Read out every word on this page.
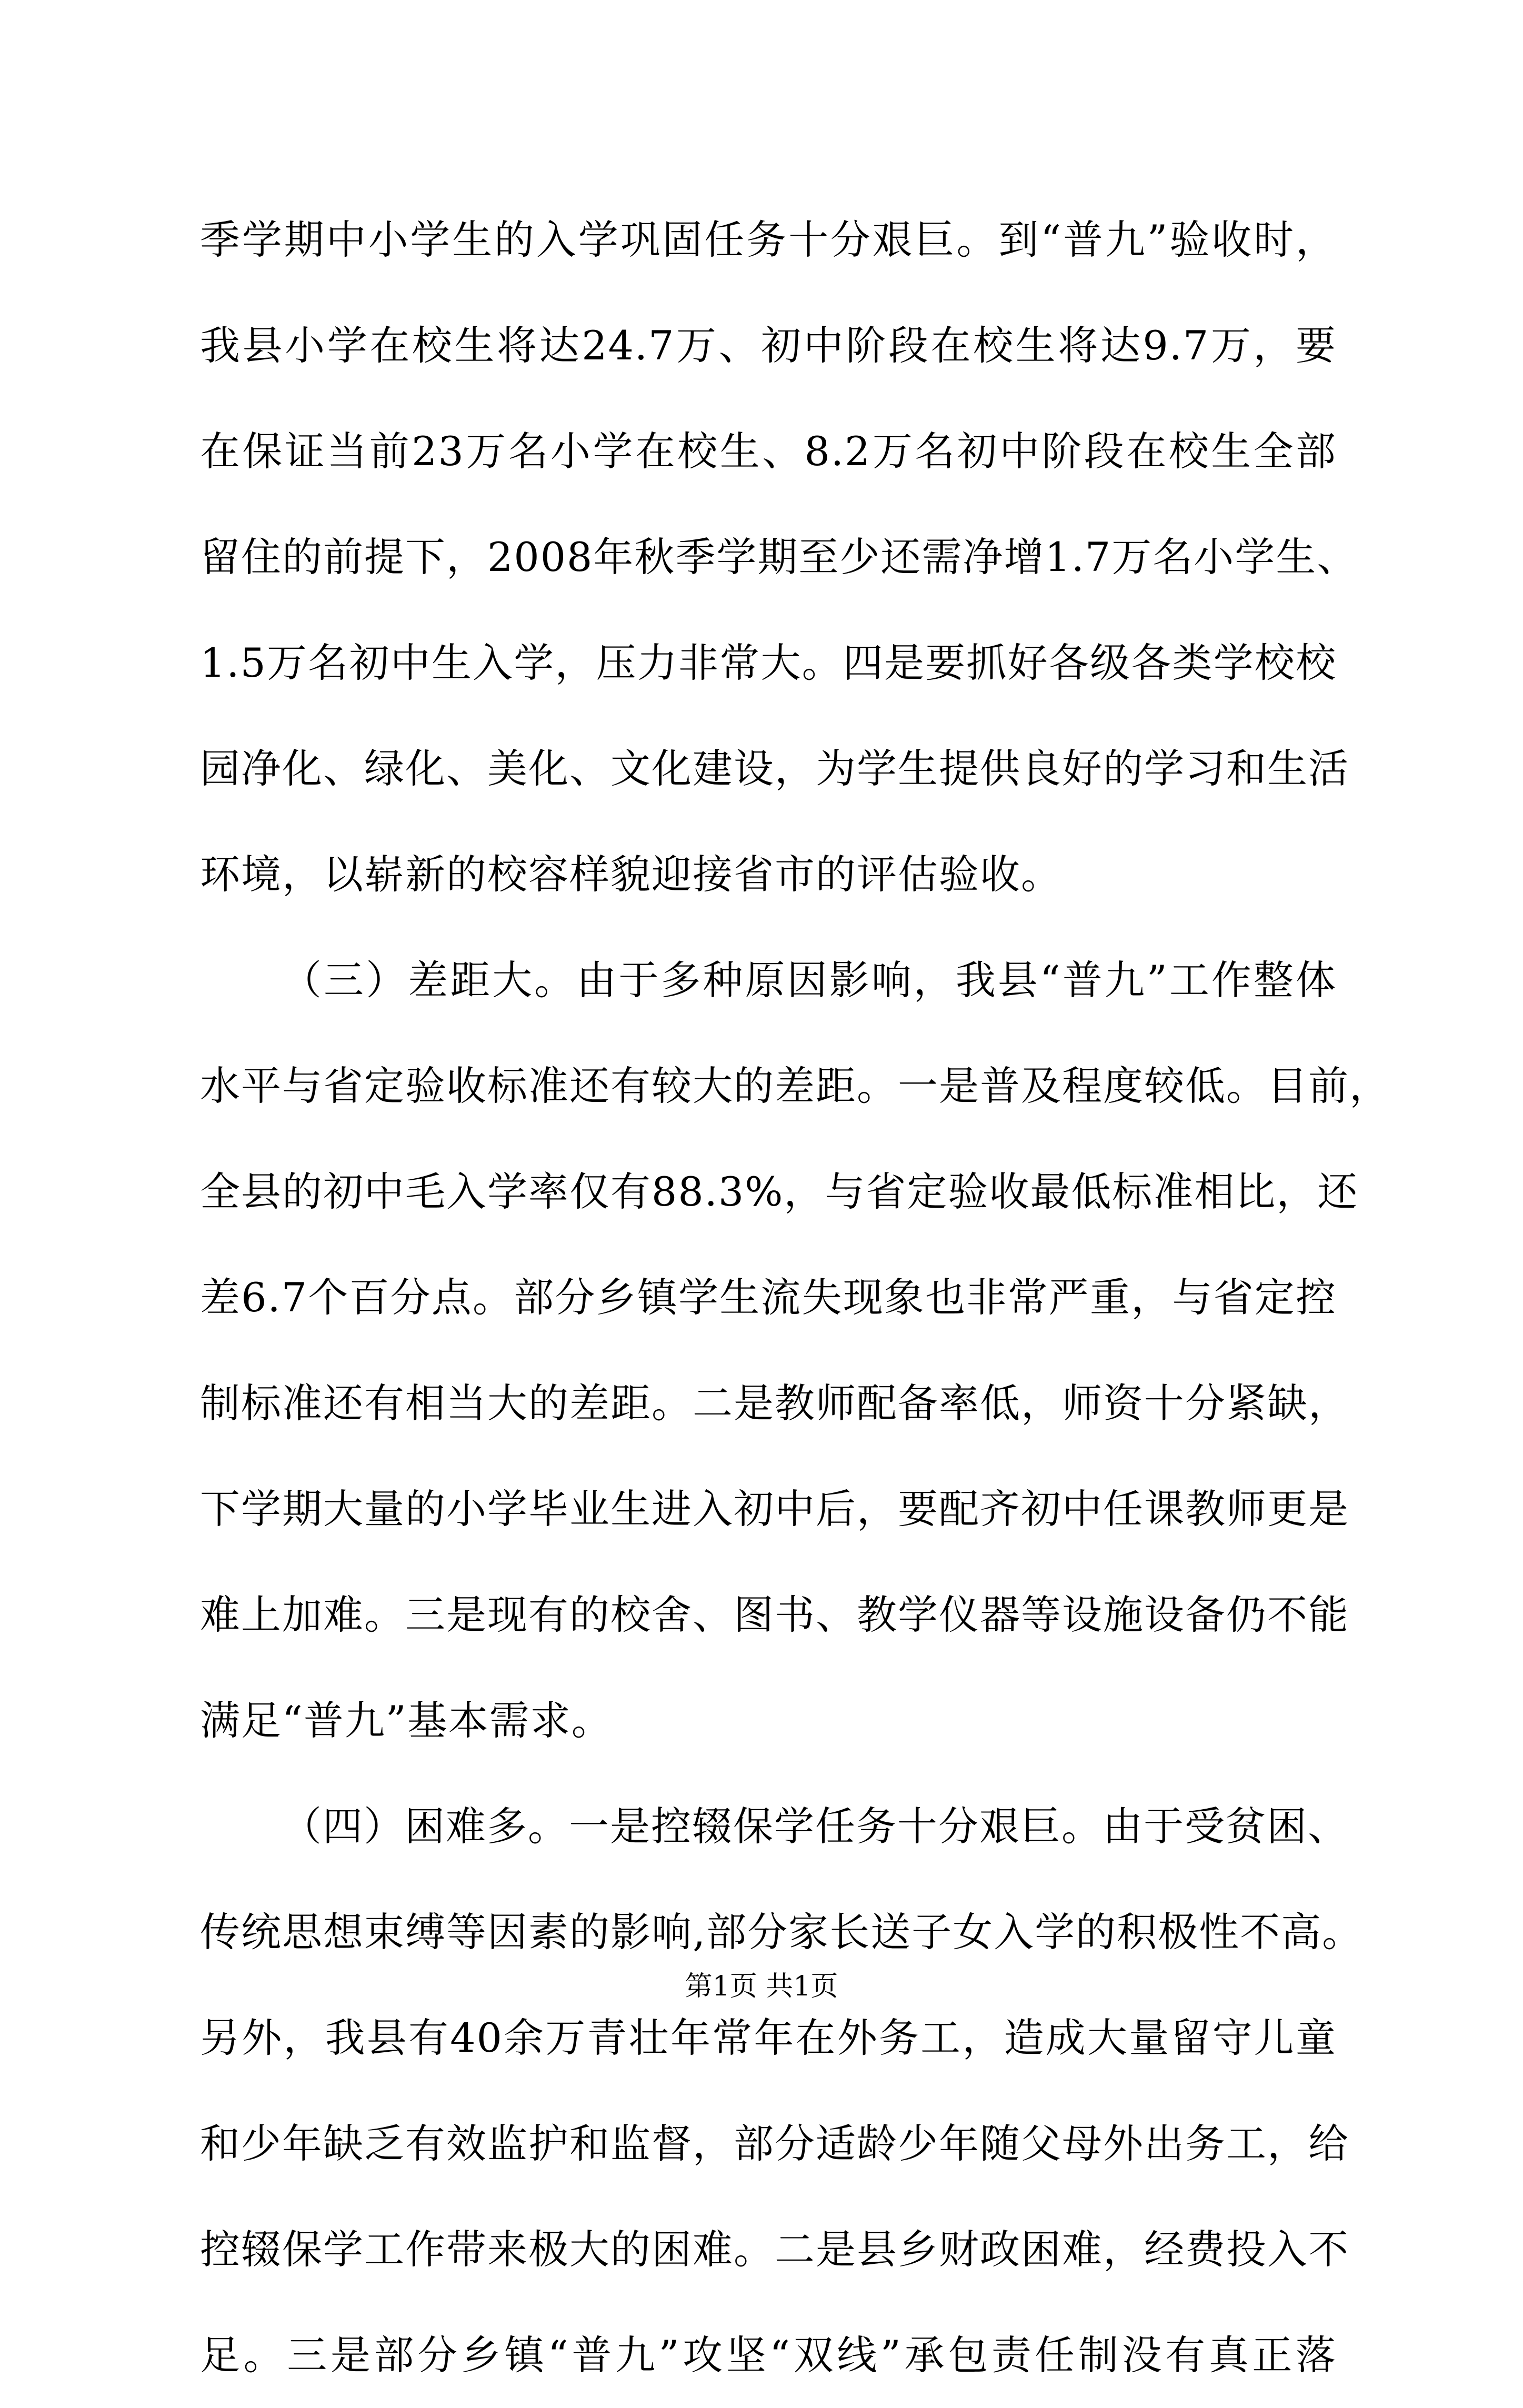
季学期中小学生的入学巩固任务十分艰巨。到“普九”验收时，
我县小学在校生将达24.7万、初中阶段在校生将达9.7万，要
在保证当前23万名小学在校生、8.2万名初中阶段在校生全部
留住的前提下，2008年秋季学期至少还需净增1.7万名小学生、
1.5万名初中生入学，压力非常大。四是要抓好各级各类学校校
园净化、绿化、美化、文化建设，为学生提供良好的学习和生活
环境，以崭新的校容样貌迎接省市的评估验收。
（三）差距大。由于多种原因影响，我县“普九”工作整体
水平与省定验收标准还有较大的差距。一是普及程度较低。目前，
全县的初中毛入学率仅有88.3%，与省定验收最低标准相比，还
差6.7个百分点。部分乡镇学生流失现象也非常严重，与省定控
制标准还有相当大的差距。二是教师配备率低，师资十分紧缺，
下学期大量的小学毕业生进入初中后，要配齐初中任课教师更是
难上加难。三是现有的校舍、图书、教学仪器等设施设备仍不能
满足“普九”基本需求。
（四）困难多。一是控辍保学任务十分艰巨。由于受贫困、
传统思想束缚等因素的影响,部分家长送子女入学的积极性不高。
另外，我县有40余万青壮年常年在外务工，造成大量留守儿童
和少年缺乏有效监护和监督，部分适龄少年随父母外出务工，给
控辍保学工作带来极大的困难。二是县乡财政困难，经费投入不
足。三是部分乡镇“普九”攻坚“双线”承包责任制没有真正落
第1页 共1页
